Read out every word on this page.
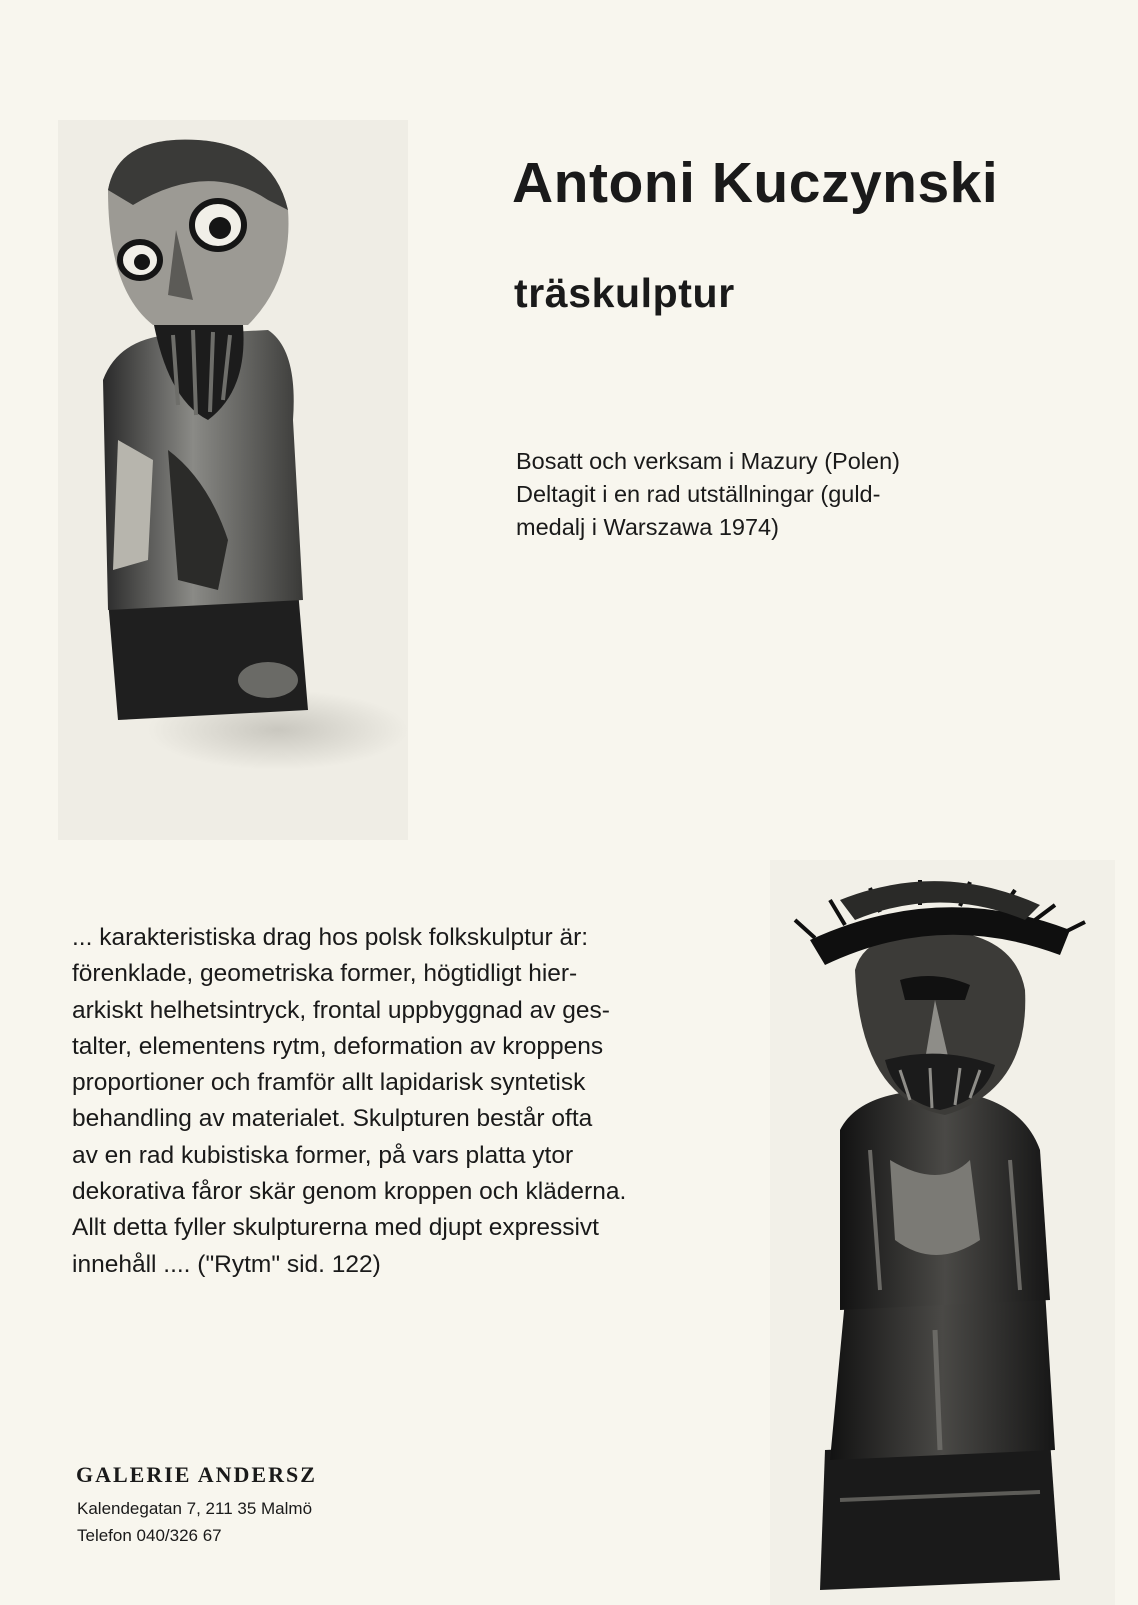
Antoni Kuczynski
träskulptur
Bosatt och verksam i Mazury (Polen)
Deltagit i en rad utställningar (guld-
medalj i Warszawa 1974)
... karakteristiska drag hos polsk folkskulptur är:
förenklade, geometriska former, högtidligt hier-
arkiskt helhetsintryck, frontal uppbyggnad av ges-
talter, elementens rytm, deformation av kroppens
proportioner och framför allt lapidarisk syntetisk
behandling av materialet. Skulpturen består ofta
av en rad kubistiska former, på vars platta ytor
dekorativa fåror skär genom kroppen och kläderna.
Allt detta fyller skulpturerna med djupt expressivt
innehåll .... ("Rytm" sid. 122)
GALERIE ANDERSZ
Kalendegatan 7, 211 35 Malmö
Telefon 040/326 67
